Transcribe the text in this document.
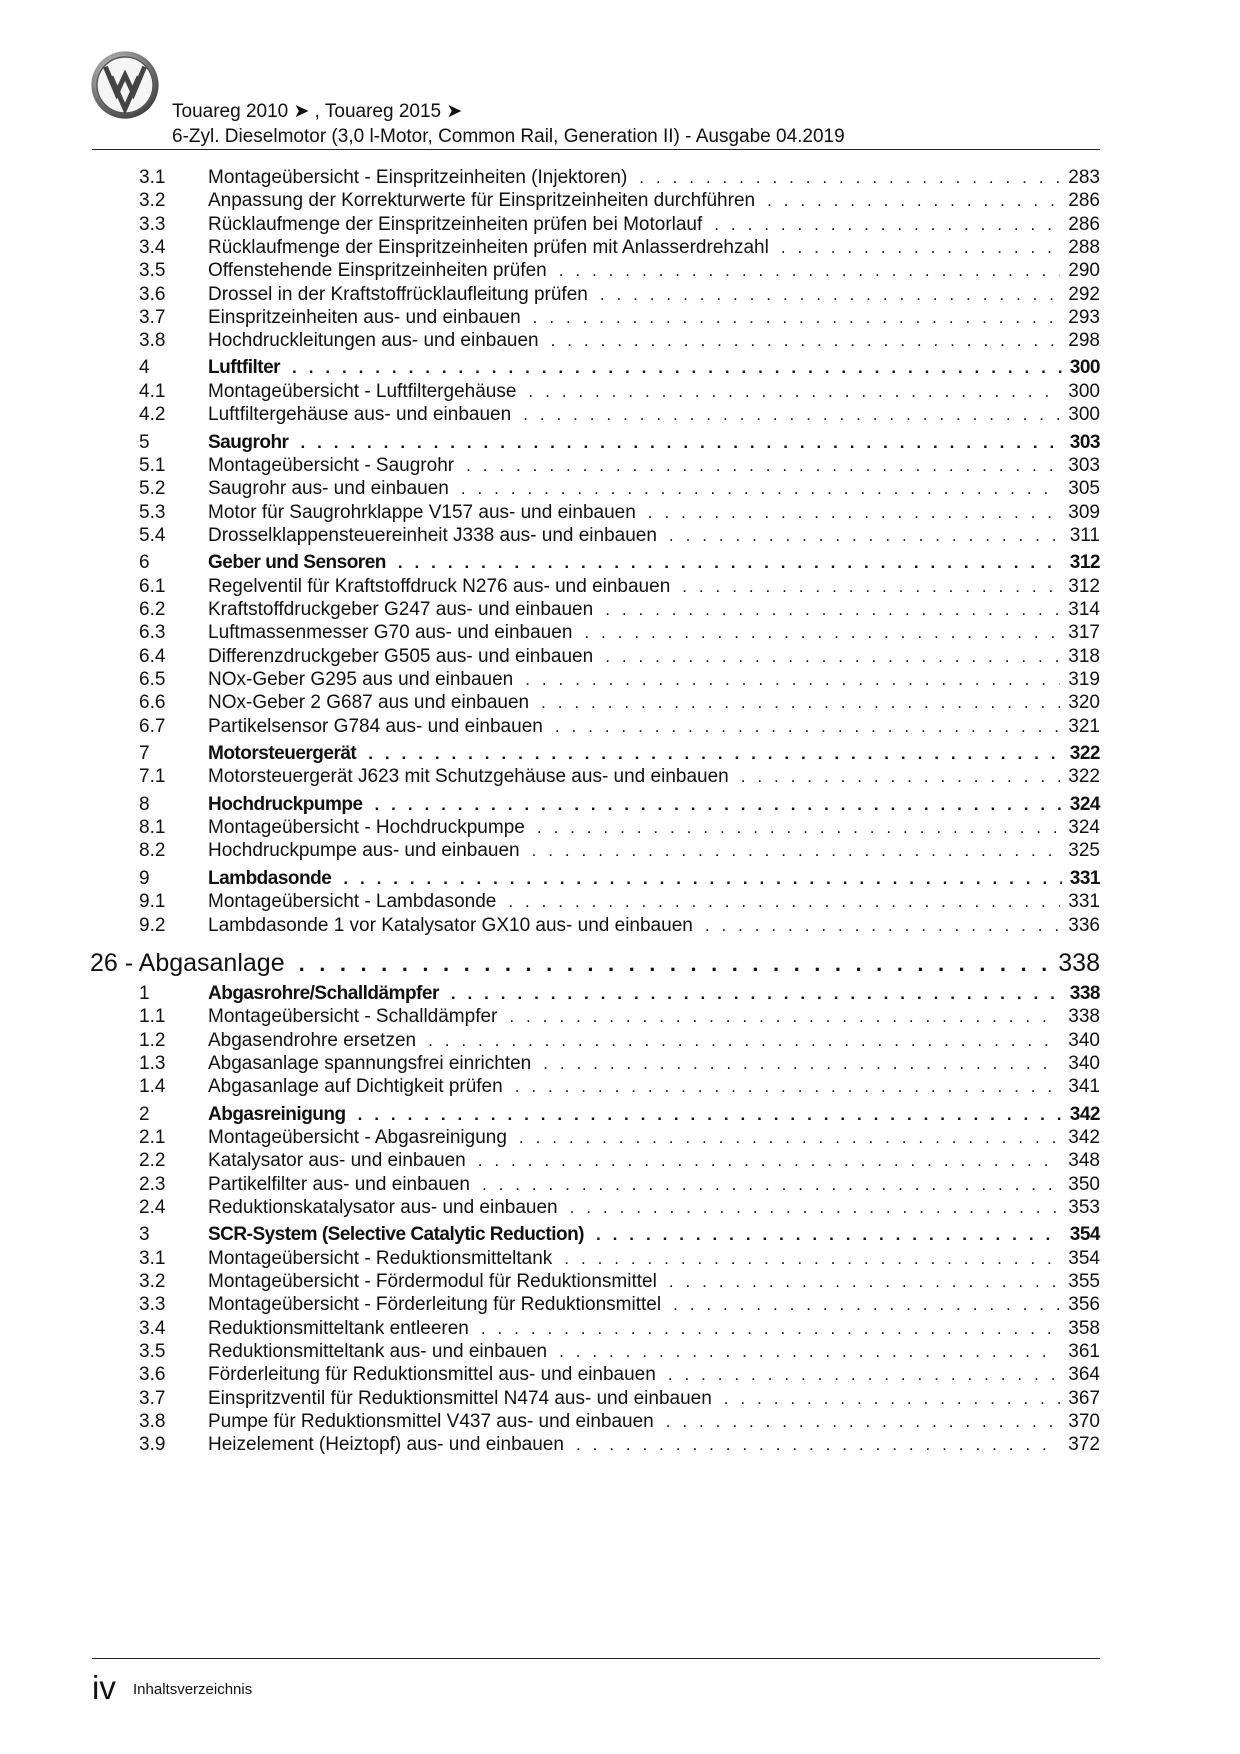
Touareg 2010 ➤ , Touareg 2015 ➤
6-Zyl. Dieselmotor (3,0 l-Motor, Common Rail, Generation II) - Ausgabe 04.2019
3.1 Montageübersicht - Einspritzeinheiten (Injektoren) . . .	283
3.2 Anpassung der Korrekturwerte für Einspritzeinheiten durchführen . . .	286
3.3 Rücklaufmenge der Einspritzeinheiten prüfen bei Motorlauf . . .	286
3.4 Rücklaufmenge der Einspritzeinheiten prüfen mit Anlasserdrehzahl . . .	288
3.5 Offenstehende Einspritzeinheiten prüfen . . .	290
3.6 Drossel in der Kraftstoffrücklaufleitung prüfen . . .	292
3.7 Einspritzeinheiten aus- und einbauen . . .	293
3.8 Hochdruckleitungen aus- und einbauen . . .	298
4	Luftfilter . . .	300
4.1 Montageübersicht - Luftfiltergehäuse . . .	300
4.2 Luftfiltergehäuse aus- und einbauen . . .	300
5	Saugrohr . . .	303
5.1 Montageübersicht - Saugrohr . . .	303
5.2 Saugrohr aus- und einbauen . . .	305
5.3 Motor für Saugrohrklappe V157 aus- und einbauen . . .	309
5.4 Drosselklappensteuereinheit J338 aus- und einbauen . . .	311
6	Geber und Sensoren . . .	312
6.1 Regelventil für Kraftstoffdruck N276 aus- und einbauen . . .	312
6.2 Kraftstoffdruckgeber G247 aus- und einbauen . . .	314
6.3 Luftmassenmesser G70 aus- und einbauen . . .	317
6.4 Differenzdruckgeber G505 aus- und einbauen . . .	318
6.5 NOx-Geber G295 aus und einbauen . . .	319
6.6 NOx-Geber 2 G687 aus und einbauen . . .	320
6.7 Partikelsensor G784 aus- und einbauen . . .	321
7	Motorsteuergerät . . .	322
7.1 Motorsteuergerät J623 mit Schutzgehäuse aus- und einbauen . . .	322
8	Hochdruckpumpe . . .	324
8.1 Montageübersicht - Hochdruckpumpe . . .	324
8.2 Hochdruckpumpe aus- und einbauen . . .	325
9	Lambdasonde . . .	331
9.1 Montageübersicht - Lambdasonde . . .	331
9.2 Lambdasonde 1 vor Katalysator GX10 aus- und einbauen . . .	336
26 - Abgasanlage . . .	338
1	Abgasrohre/Schalldämpfer . . .	338
1.1 Montageübersicht - Schalldämpfer . . .	338
1.2 Abgasendrohre ersetzen . . .	340
1.3 Abgasanlage spannungsfrei einrichten . . .	340
1.4 Abgasanlage auf Dichtigkeit prüfen . . .	341
2	Abgasreinigung . . .	342
2.1 Montageübersicht - Abgasreinigung . . .	342
2.2 Katalysator aus- und einbauen . . .	348
2.3 Partikelfilter aus- und einbauen . . .	350
2.4 Reduktionskatalysator aus- und einbauen . . .	353
3	SCR-System (Selective Catalytic Reduction) . . .	354
3.1 Montageübersicht - Reduktionsmitteltank . . .	354
3.2 Montageübersicht - Fördermodul für Reduktionsmittel . . .	355
3.3 Montageübersicht - Förderleitung für Reduktionsmittel . . .	356
3.4 Reduktionsmitteltank entleeren . . .	358
3.5 Reduktionsmitteltank aus- und einbauen . . .	361
3.6 Förderleitung für Reduktionsmittel aus- und einbauen . . .	364
3.7 Einspritzventil für Reduktionsmittel N474 aus- und einbauen . . .	367
3.8 Pumpe für Reduktionsmittel V437 aus- und einbauen . . .	370
3.9 Heizelement (Heiztopf) aus- und einbauen . . .	372
iv Inhaltsverzeichnis
